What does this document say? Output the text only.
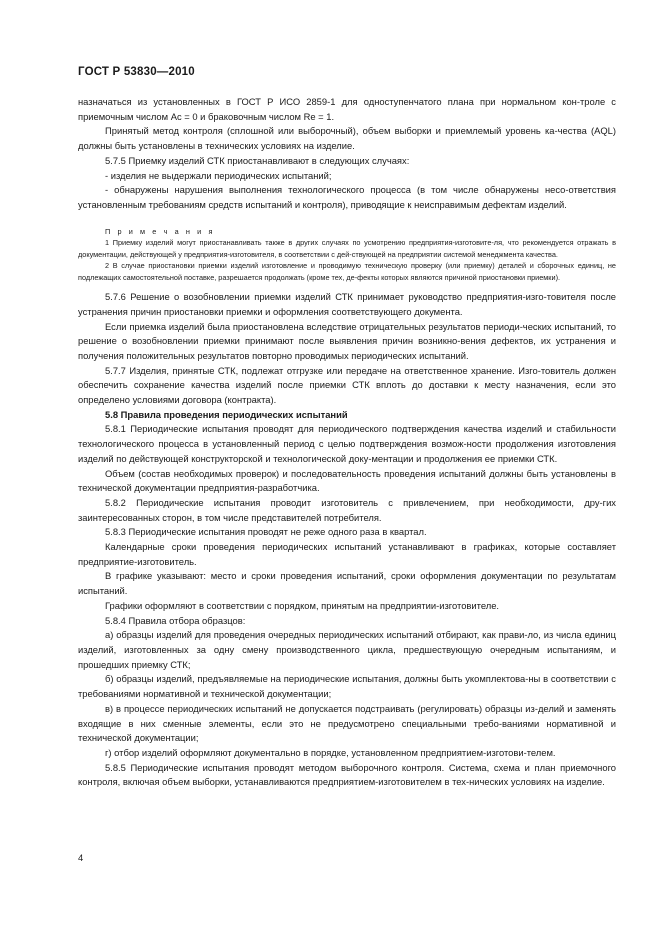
ГОСТ Р 53830—2010

назначаться из установленных в ГОСТ Р ИСО 2859-1 для одноступенчатого плана при нормальном кон-троле с приемочным числом Ас = 0 и браковочным числом Re = 1.

Принятый метод контроля (сплошной или выборочный), объем выборки и приемлемый уровень ка-чества (AQL) должны быть установлены в технических условиях на изделие.

5.7.5 Приемку изделий СТК приостанавливают в следующих случаях:

- изделия не выдержали периодических испытаний;

- обнаружены нарушения выполнения технологического процесса (в том числе обнаружены несо-ответствия установленным требованиям средств испытаний и контроля), приводящие к неисправимым дефектам изделий.

П р и м е ч а н и я

1 Приемку изделий могут приостанавливать также в других случаях по усмотрению предприятия-изготовите-ля, что рекомендуется отражать в документации, действующей у предприятия-изготовителя, в соответствии с дей-ствующей на предприятии системой менеджмента качества.

2 В случае приостановки приемки изделий изготовление и проводимую техническую проверку (или приемку) деталей и сборочных единиц, не подлежащих самостоятельной поставке, разрешается продолжать (кроме тех, де-фекты которых являются причиной приостановки приемки).

5.7.6 Решение о возобновлении приемки изделий СТК принимает руководство предприятия-изго-товителя после устранения причин приостановки приемки и оформления соответствующего документа.

Если приемка изделий была приостановлена вследствие отрицательных результатов периоди-ческих испытаний, то решение о возобновлении приемки принимают после выявления причин возникно-вения дефектов, их устранения и получения положительных результатов повторно проводимых периодических испытаний.

5.7.7 Изделия, принятые СТК, подлежат отгрузке или передаче на ответственное хранение. Изго-товитель должен обеспечить сохранение качества изделий после приемки СТК вплоть до доставки к месту назначения, если это определено условиями договора (контракта).

5.8 Правила проведения периодических испытаний

5.8.1 Периодические испытания проводят для периодического подтверждения качества изделий и стабильности технологического процесса в установленный период с целью подтверждения возмож-ности продолжения изготовления изделий по действующей конструкторской и технологической доку-ментации и продолжения ее приемки СТК.

Объем (состав необходимых проверок) и последовательность проведения испытаний должны быть установлены в технической документации предприятия-разработчика.

5.8.2 Периодические испытания проводит изготовитель с привлечением, при необходимости, дру-гих заинтересованных сторон, в том числе представителей потребителя.

5.8.3 Периодические испытания проводят не реже одного раза в квартал.

Календарные сроки проведения периодических испытаний устанавливают в графиках, которые составляет предприятие-изготовитель.

В графике указывают: место и сроки проведения испытаний, сроки оформления документации по результатам испытаний.

Графики оформляют в соответствии с порядком, принятым на предприятии-изготовителе.

5.8.4 Правила отбора образцов:

а) образцы изделий для проведения очередных периодических испытаний отбирают, как прави-ло, из числа единиц изделий, изготовленных за одну смену производственного цикла, предшествующую очередным испытаниям, и прошедших приемку СТК;

б) образцы изделий, предъявляемые на периодические испытания, должны быть укомплектова-ны в соответствии с требованиями нормативной и технической документации;

в) в процессе периодических испытаний не допускается подстраивать (регулировать) образцы из-делий и заменять входящие в них сменные элементы, если это не предусмотрено специальными требо-ваниями нормативной и технической документации;

г) отбор изделий оформляют документально в порядке, установленном предприятием-изготови-телем.

5.8.5 Периодические испытания проводят методом выборочного контроля. Система, схема и план приемочного контроля, включая объем выборки, устанавливаются предприятием-изготовителем в тех-нических условиях на изделие.

4
